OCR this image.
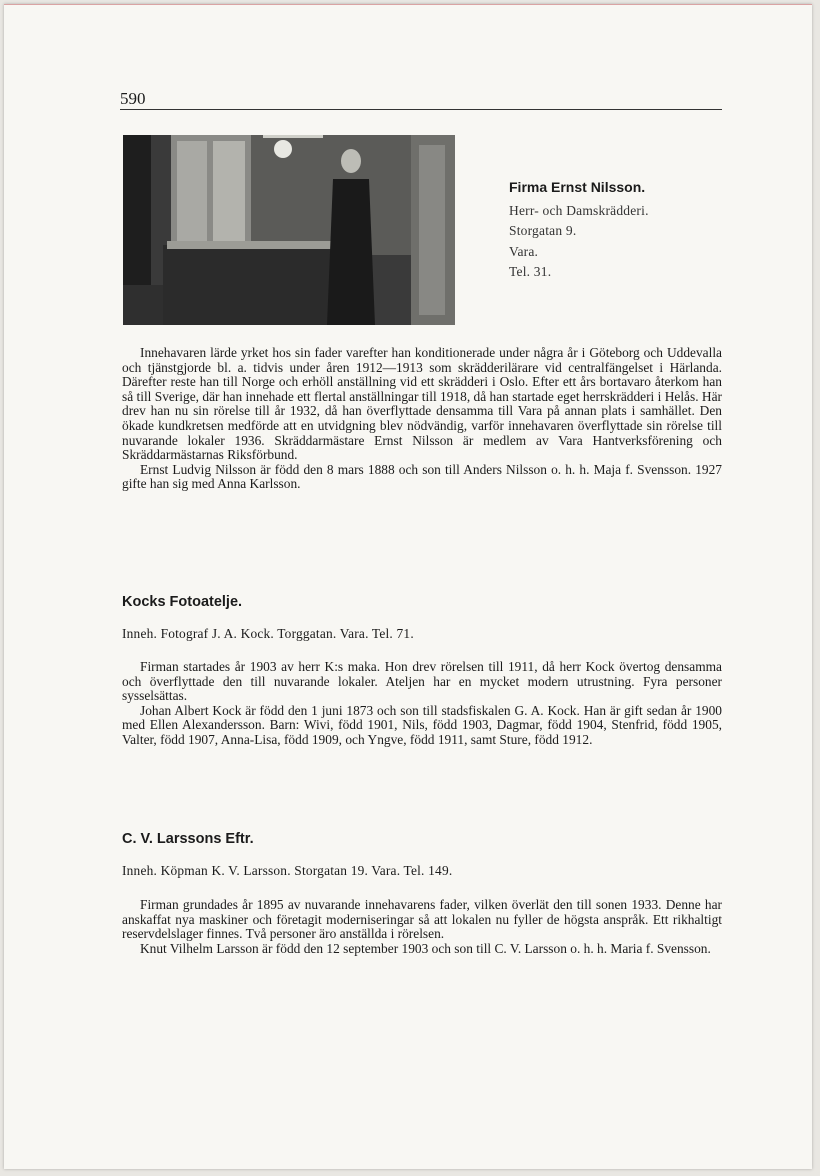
590
Firma Ernst Nilsson.
Herr- och Damskrädderi.
Storgatan 9.
Vara.
Tel. 31.

Innehavaren lärde yrket hos sin fader varefter han konditionerade under några år i Göteborg och Uddevalla och tjänstgjorde bl. a. tidvis under åren 1912—1913 som skrädderilärare vid centralfängelset i Härlanda. Därefter reste han till Norge och erhöll anställning vid ett skrädderi i Oslo. Efter ett års bortavaro återkom han så till Sverige, där han innehade ett flertal anställningar till 1918, då han startade eget herrskrädderi i Helås. Här drev han nu sin rörelse till år 1932, då han överflyttade densamma till Vara på annan plats i samhället. Den ökade kundkretsen medförde att en utvidgning blev nödvändig, varför innehavaren överflyttade sin rörelse till nuvarande lokaler 1936. Skräddarmästare Ernst Nilsson är medlem av Vara Hantverksförening och Skräddarmästarnas Riksförbund.

Ernst Ludvig Nilsson är född den 8 mars 1888 och son till Anders Nilsson o. h. h. Maja f. Svensson. 1927 gifte han sig med Anna Karlsson.

Kocks Fotoatelje.
Inneh. Fotograf J. A. Kock. Torggatan. Vara. Tel. 71.

Firman startades år 1903 av herr K:s maka. Hon drev rörelsen till 1911, då herr Kock övertog densamma och överflyttade den till nuvarande lokaler. Ateljen har en mycket modern utrustning. Fyra personer sysselsättas.

Johan Albert Kock är född den 1 juni 1873 och son till stadsfiskalen G. A. Kock. Han är gift sedan år 1900 med Ellen Alexandersson. Barn: Wivi, född 1901, Nils, född 1903, Dagmar, född 1904, Stenfrid, född 1905, Valter, född 1907, Anna-Lisa, född 1909, och Yngve, född 1911, samt Sture, född 1912.

C. V. Larssons Eftr.
Inneh. Köpman K. V. Larsson. Storgatan 19. Vara. Tel. 149.

Firman grundades år 1895 av nuvarande innehavarens fader, vilken överlät den till sonen 1933. Denne har anskaffat nya maskiner och företagit moderniseringar så att lokalen nu fyller de högsta anspråk. Ett rikhaltigt reservdelslager finnes. Två personer äro anställda i rörelsen.

Knut Vilhelm Larsson är född den 12 september 1903 och son till C. V. Larsson o. h. h. Maria f. Svensson.
